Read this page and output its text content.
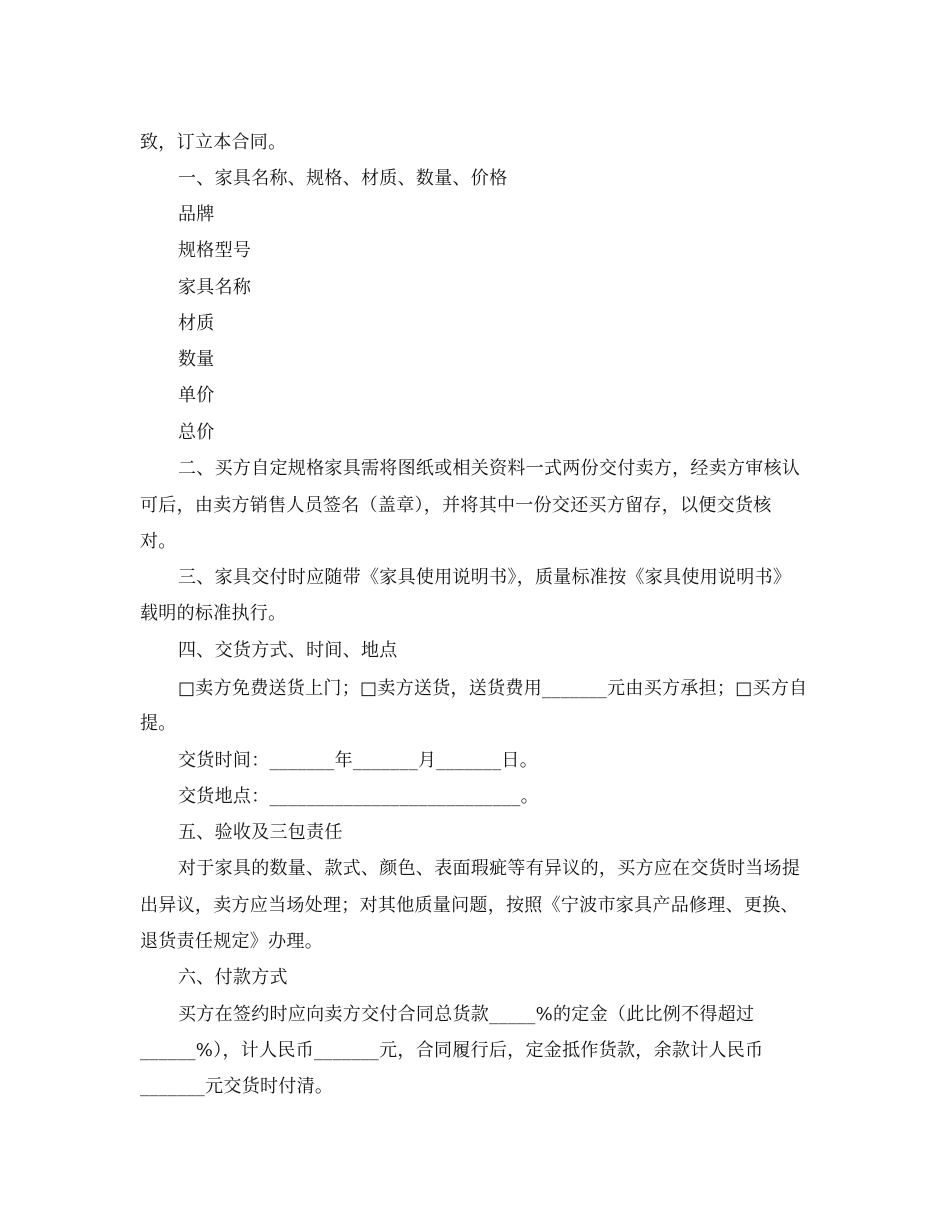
致，订立本合同。
一、家具名称、规格、材质、数量、价格
品牌
规格型号
家具名称
材质
数量
单价
总价
二、买方自定规格家具需将图纸或相关资料一式两份交付卖方，经卖方审核认
可后，由卖方销售人员签名（盖章），并将其中一份交还买方留存，以便交货核
对。
三、家具交付时应随带《家具使用说明书》，质量标准按《家具使用说明书》
载明的标准执行。
四、交货方式、时间、地点
□卖方免费送货上门；□卖方送货，送货费用_______元由买方承担；□买方自
提。
交货时间：_______年_______月_______日。
交货地点：___________________________。
五、验收及三包责任
对于家具的数量、款式、颜色、表面瑕疵等有异议的，买方应在交货时当场提
出异议，卖方应当场处理；对其他质量问题，按照《宁波市家具产品修理、更换、
退货责任规定》办理。
六、付款方式
买方在签约时应向卖方交付合同总货款_____%的定金（此比例不得超过
______%），计人民币_______元，合同履行后，定金抵作货款，余款计人民币
_______元交货时付清。
